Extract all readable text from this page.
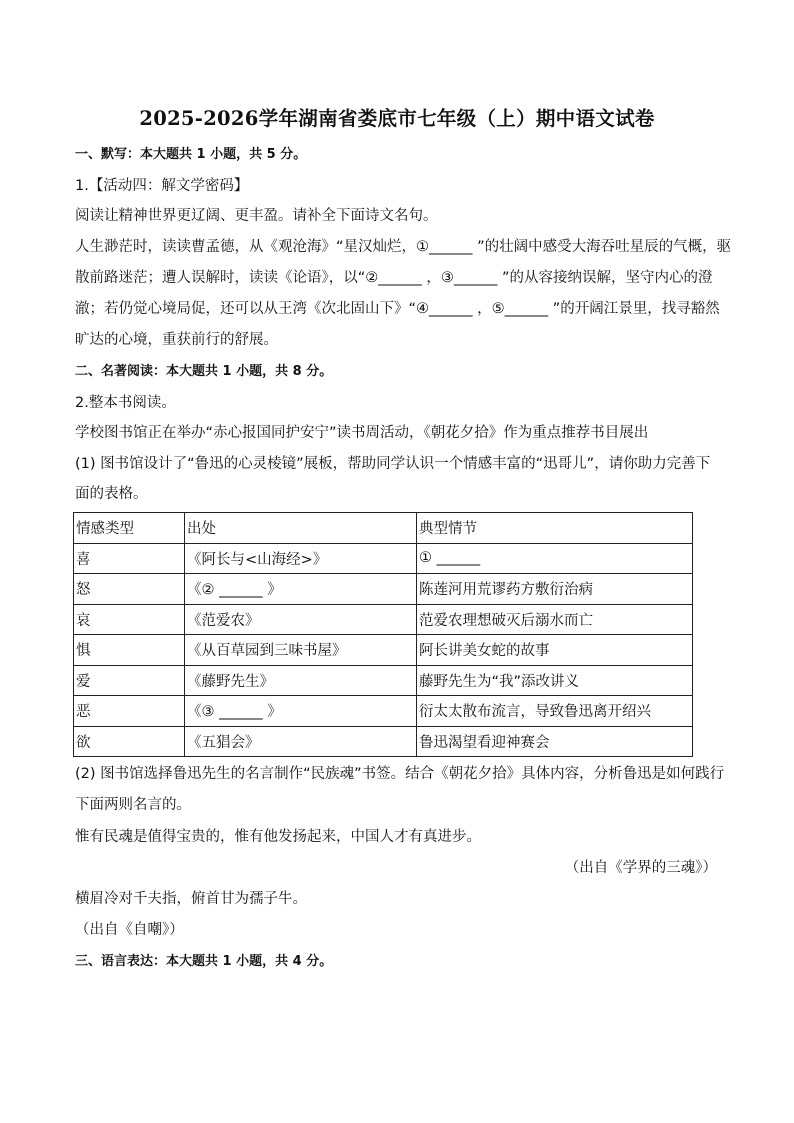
2025-2026学年湖南省娄底市七年级（上）期中语文试卷
一、默写：本大题共 1 小题，共 5 分。
1.【活动四：解文学密码】
阅读让精神世界更辽阔、更丰盈。请补全下面诗文名句。
人生渺茫时，读读曹孟德，从《观沧海》“星汉灿烂，①______ ”的壮阔中感受大海吞吐星辰的气概，驱
散前路迷茫；遭人误解时，读读《论语》，以“②______ ，③______ ”的从容接纳误解，坚守内心的澄
澈；若仍觉心境局促，还可以从王湾《次北固山下》“④______ ，⑤______ ”的开阔江景里，找寻豁然
旷达的心境，重获前行的舒展。
二、名著阅读：本大题共 1 小题，共 8 分。
2.整本书阅读。
学校图书馆正在举办“赤心报国同护安宁”读书周活动，《朝花夕拾》作为重点推荐书目展出
(1) 图书馆设计了“鲁迅的心灵棱镜”展板，帮助同学认识一个情感丰富的“迅哥儿”，请你助力完善下
面的表格。
情感类型	出处	典型情节
喜	《阿长与<山海经>》	① ______
怒	《② ______ 》	陈莲河用荒谬药方敷衍治病
哀	《范爱农》	范爱农理想破灭后溺水而亡
惧	《从百草园到三味书屋》	阿长讲美女蛇的故事
爱	《藤野先生》	藤野先生为“我”添改讲义
恶	《③ ______ 》	衍太太散布流言，导致鲁迅离开绍兴
欲	《五猖会》	鲁迅渴望看迎神赛会
(2) 图书馆选择鲁迅先生的名言制作“民族魂”书签。结合《朝花夕拾》具体内容，分析鲁迅是如何践行
下面两则名言的。
惟有民魂是值得宝贵的，惟有他发扬起来，中国人才有真进步。
（出自《学界的三魂》）
横眉冷对千夫指，俯首甘为孺子牛。
（出自《自嘲》）
三、语言表达：本大题共 1 小题，共 4 分。
